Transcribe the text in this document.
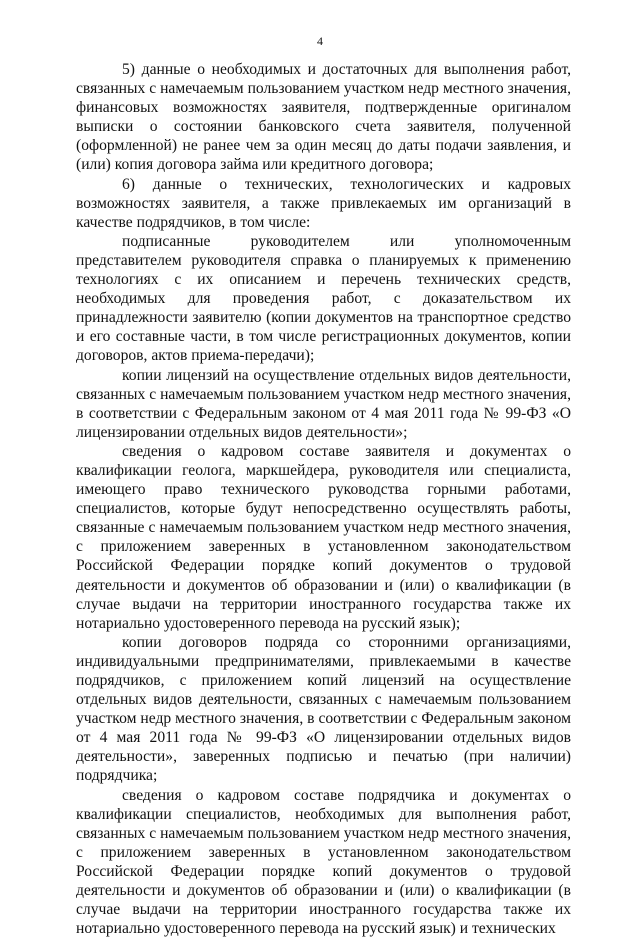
4

5) данные о необходимых и достаточных для выполнения работ, связанных с намечаемым пользованием участком недр местного значения, финансовых возможностях заявителя, подтвержденные оригиналом выписки о состоянии банковского счета заявителя, полученной (оформленной) не ранее чем за один месяц до даты подачи заявления, и (или) копия договора займа или кредитного договора;

6) данные о технических, технологических и кадровых возможностях заявителя, а также привлекаемых им организаций в качестве подрядчиков, в том числе:

подписанные руководителем или уполномоченным представителем руководителя справка о планируемых к применению технологиях с их описанием и перечень технических средств, необходимых для проведения работ, с доказательством их принадлежности заявителю (копии документов на транспортное средство и его составные части, в том числе регистрационных документов, копии договоров, актов приема-передачи);

копии лицензий на осуществление отдельных видов деятельности, связанных с намечаемым пользованием участком недр местного значения, в соответствии с Федеральным законом от 4 мая 2011 года № 99-ФЗ «О лицензировании отдельных видов деятельности»;

сведения о кадровом составе заявителя и документах о квалификации геолога, маркшейдера, руководителя или специалиста, имеющего право технического руководства горными работами, специалистов, которые будут непосредственно осуществлять работы, связанные с намечаемым пользованием участком недр местного значения, с приложением заверенных в установленном законодательством Российской Федерации порядке копий документов о трудовой деятельности и документов об образовании и (или) о квалификации (в случае выдачи на территории иностранного государства также их нотариально удостоверенного перевода на русский язык);

копии договоров подряда со сторонними организациями, индивидуальными предпринимателями, привлекаемыми в качестве подрядчиков, с приложением копий лицензий на осуществление отдельных видов деятельности, связанных с намечаемым пользованием участком недр местного значения, в соответствии с Федеральным законом от 4 мая 2011 года № 99-ФЗ «О лицензировании отдельных видов деятельности», заверенных подписью и печатью (при наличии) подрядчика;

сведения о кадровом составе подрядчика и документах о квалификации специалистов, необходимых для выполнения работ, связанных с намечаемым пользованием участком недр местного значения, с приложением заверенных в установленном законодательством Российской Федерации порядке копий документов о трудовой деятельности и документов об образовании и (или) о квалификации (в случае выдачи на территории иностранного государства также их нотариально удостоверенного перевода на русский язык) и технических
